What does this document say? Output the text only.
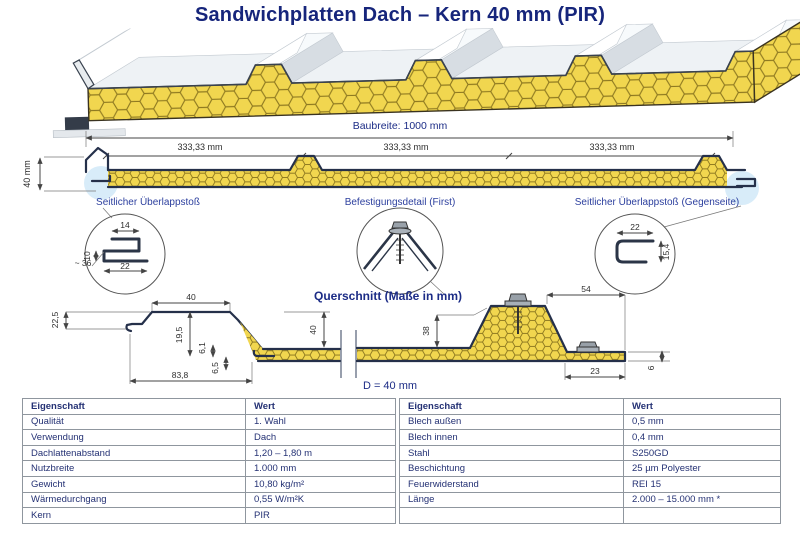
Sandwichplatten Dach – Kern 40 mm (PIR)
Baubreite: 1000 mm
333,33 mm	333,33 mm	333,33 mm
40 mm
Seitlicher Überlappstoß	Befestigungsdetail (First)	Seitlicher Überlappstoß (Gegenseite)
14
10
22
~ 36
22
15,4
Querschnitt (Maße in mm)
22,5
40
19,5
6,1
6,5
83,8
40	38
54
23	6
D = 40 mm
Eigenschaft	Wert
Qualität	1. Wahl
Verwendung	Dach
Dachlattenabstand	1,20 – 1,80 m
Nutzbreite	1.000 mm
Gewicht	10,80 kg/m²
Wärmedurchgang	0,55 W/m²K
Kern	PIR
Eigenschaft	Wert
Blech außen	0,5 mm
Blech innen	0,4 mm
Stahl	S250GD
Beschichtung	25 µm Polyester
Feuerwiderstand	REI 15
Länge	2.000 – 15.000 mm *
